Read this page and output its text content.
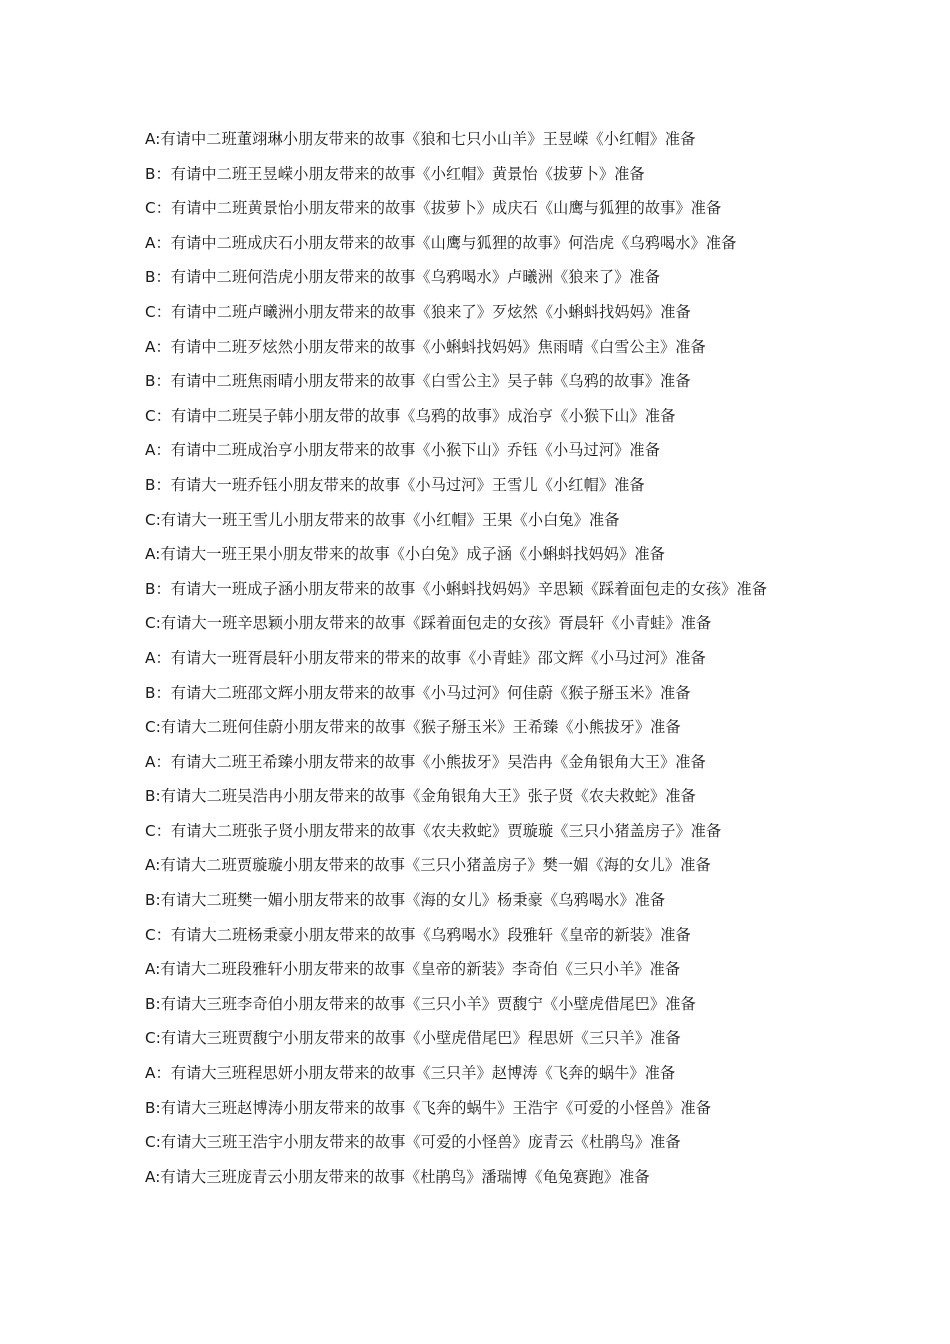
A:有请中二班董翊琳小朋友带来的故事《狼和七只小山羊》王昱嵘《小红帽》准备
B：有请中二班王昱嵘小朋友带来的故事《小红帽》黄景怡《拔萝卜》准备
C：有请中二班黄景怡小朋友带来的故事《拔萝卜》成庆石《山鹰与狐狸的故事》准备
A：有请中二班成庆石小朋友带来的故事《山鹰与狐狸的故事》何浩虎《乌鸦喝水》准备
B：有请中二班何浩虎小朋友带来的故事《乌鸦喝水》卢曦洲《狼来了》准备
C：有请中二班卢曦洲小朋友带来的故事《狼来了》歹炫然《小蝌蚪找妈妈》准备
A：有请中二班歹炫然小朋友带来的故事《小蝌蚪找妈妈》焦雨晴《白雪公主》准备
B：有请中二班焦雨晴小朋友带来的故事《白雪公主》吴子韩《乌鸦的故事》准备
C：有请中二班吴子韩小朋友带的故事《乌鸦的故事》成治亨《小猴下山》准备
A：有请中二班成治亨小朋友带来的故事《小猴下山》乔钰《小马过河》准备
B：有请大一班乔钰小朋友带来的故事《小马过河》王雪儿《小红帽》准备
C:有请大一班王雪儿小朋友带来的故事《小红帽》王果《小白兔》准备
A:有请大一班王果小朋友带来的故事《小白兔》成子涵《小蝌蚪找妈妈》准备
B：有请大一班成子涵小朋友带来的故事《小蝌蚪找妈妈》辛思颖《踩着面包走的女孩》准备
C:有请大一班辛思颖小朋友带来的故事《踩着面包走的女孩》胥晨轩《小青蛙》准备
A：有请大一班胥晨轩小朋友带来的带来的故事《小青蛙》邵文辉《小马过河》准备
B：有请大二班邵文辉小朋友带来的故事《小马过河》何佳蔚《猴子掰玉米》准备
C:有请大二班何佳蔚小朋友带来的故事《猴子掰玉米》王希臻《小熊拔牙》准备
A：有请大二班王希臻小朋友带来的故事《小熊拔牙》吴浩冉《金角银角大王》准备
B:有请大二班吴浩冉小朋友带来的故事《金角银角大王》张子贤《农夫救蛇》准备
C：有请大二班张子贤小朋友带来的故事《农夫救蛇》贾璇璇《三只小猪盖房子》准备
A:有请大二班贾璇璇小朋友带来的故事《三只小猪盖房子》樊一媚《海的女儿》准备
B:有请大二班樊一媚小朋友带来的故事《海的女儿》杨秉豪《乌鸦喝水》准备
C：有请大二班杨秉豪小朋友带来的故事《乌鸦喝水》段雅轩《皇帝的新装》准备
A:有请大二班段雅轩小朋友带来的故事《皇帝的新装》李奇伯《三只小羊》准备
B:有请大三班李奇伯小朋友带来的故事《三只小羊》贾馥宁《小壁虎借尾巴》准备
C:有请大三班贾馥宁小朋友带来的故事《小壁虎借尾巴》程思妍《三只羊》准备
A：有请大三班程思妍小朋友带来的故事《三只羊》赵博涛《飞奔的蜗牛》准备
B:有请大三班赵博涛小朋友带来的故事《飞奔的蜗牛》王浩宇《可爱的小怪兽》准备
C:有请大三班王浩宇小朋友带来的故事《可爱的小怪兽》庞青云《杜鹃鸟》准备
A:有请大三班庞青云小朋友带来的故事《杜鹃鸟》潘瑞博《龟兔赛跑》准备
